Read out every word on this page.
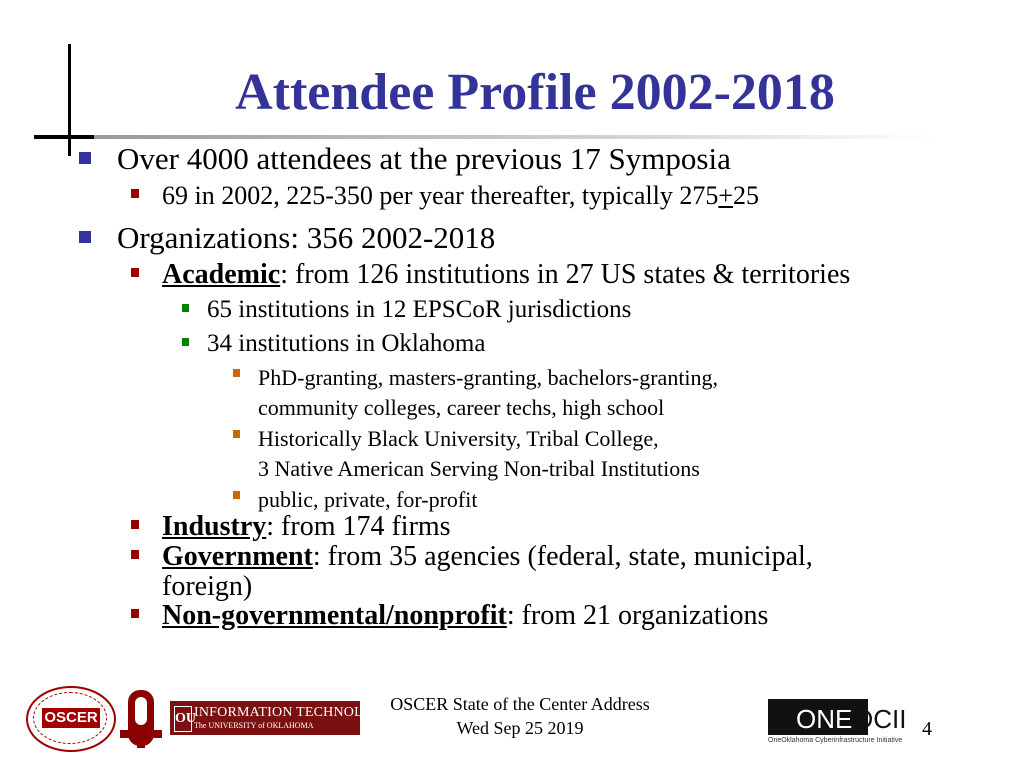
Attendee Profile 2002-2018
Over 4000 attendees at the previous 17 Symposia
69 in 2002, 225-350 per year thereafter, typically 275+25
Organizations: 356 2002-2018
Academic: from 126 institutions in 27 US states & territories
65 institutions in 12 EPSCoR jurisdictions
34 institutions in Oklahoma
PhD-granting, masters-granting, bachelors-granting,
community colleges, career techs, high school
Historically Black University, Tribal College,
3 Native American Serving Non-tribal Institutions
public, private, for-profit
Industry: from 174 firms
Government: from 35 agencies (federal, state, municipal,
foreign)
Non-governmental/nonprofit: from 21 organizations
OSCER	OU
INFORMATION TECHNOLOGY
The UNIVERSITY of OKLAHOMA
OSCER State of the Center Address
Wed Sep 25 2019	ONE OCII
OneOklahoma Cyberinfrastructure Initiative
4
